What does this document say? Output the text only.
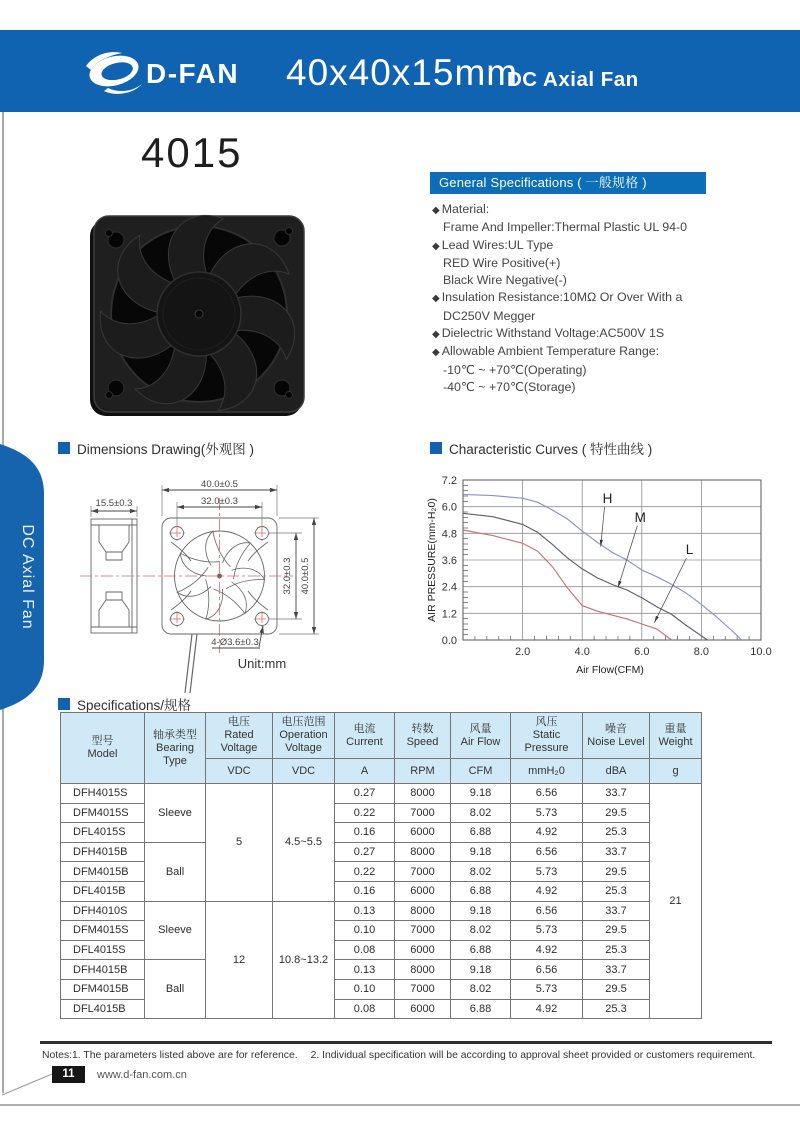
DC Axial Fan
D-FAN 40x40x15mm
DC Axial Fan
4015
General Specifications ( 一般规格 )
◆ Material:
Frame And Impeller:Thermal Plastic UL 94-0
◆ Lead Wires:UL Type
RED Wire Positive(+)
Black Wire Negative(-)
◆ Insulation Resistance:10MΩ Or Over With a
DC250V Megger
◆ Dielectric Withstand Voltage:AC500V 1S
◆ Allowable Ambient Temperature Range:
-10℃ ~ +70℃(Operating)
-40℃ ~ +70℃(Storage)
Dimensions Drawing(外观图 )	Characteristic Curves ( 特性曲线 )
Specifications/规格
15.5±0.3
40.0±0.5
32.0±0.3
32.0±0.3 40.0±0.5
4-Ø3.6±0.3
Unit:mm
0.0
1.2
2.4
3.6
4.8
6.0
7.2
2.0	4.0	6.0	8.0	10.0
H
M
L
Air Flow(CFM)
AIR PRESSURE(mm-H₂0)
型号
Model

轴承类型
Bearing
Type

电压
Rated
Voltage

电压范围
Operation
Voltage

电流
Current

转数
Speed

风量
Air Flow

风压
Static
Pressure

噪音
Noise Level

重量
Weight

		VDC	VDC	A	RPM	CFM	mmH₂0	dBA	g
DFH4015S	Sleeve	5	4.5~5.5	0.27	8000	9.18	6.56	33.7	21
DFM4015S				0.22	7000	8.02	5.73	29.5	
DFL4015S				0.16	6000	6.88	4.92	25.3	
DFH4015B	Ball			0.27	8000	9.18	6.56	33.7	
DFM4015B				0.22	7000	8.02	5.73	29.5	
DFL4015B				0.16	6000	6.88	4.92	25.3	
DFH4010S	Sleeve	12	10.8~13.2	0.13	8000	9.18	6.56	33.7	
DFM4015S				0.10	7000	8.02	5.73	29.5	
DFL4015S				0.08	6000	6.88	4.92	25.3	
DFH4015B	Ball			0.13	8000	9.18	6.56	33.7	
DFM4015B				0.10	7000	8.02	5.73	29.5	
DFL4015B				0.08	6000	6.88	4.92	25.3	
Notes:1. The parameters listed above are for reference. 2. Individual specification will be according to approval sheet provided or customers requirement.
11	www.d-fan.com.cn
